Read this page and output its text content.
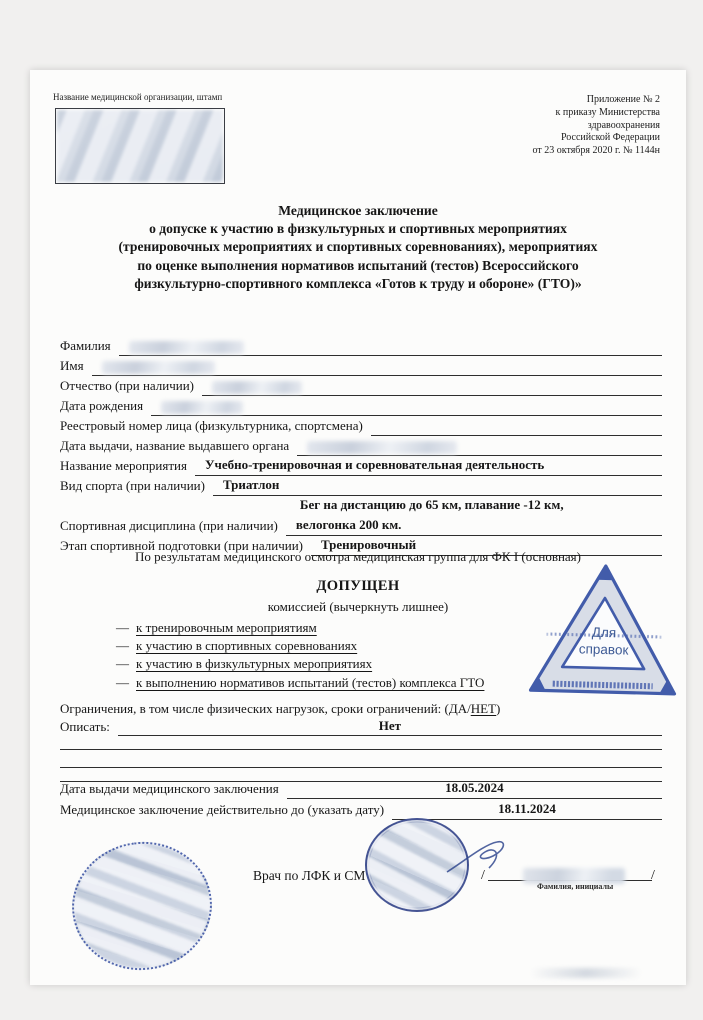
Название медицинской организации, штамп	Приложение № 2
к приказу Министерства
здравоохранения
Российской Федерации
от 23 октября 2020 г. № 1144н
Медицинское заключение
о допуске к участию в физкультурных и спортивных мероприятиях
(тренировочных мероприятиях и спортивных соревнованиях), мероприятиях
по оценке выполнения нормативов испытаний (тестов) Всероссийского
физкультурно-спортивного комплекса «Готов к труду и обороне» (ГТО)»
Фамилия
Имя
Отчество (при наличии)
Дата рождения
Реестровый номер лица (физкультурника, спортсмена)
Дата выдачи, название выдавшего органа
Название мероприятия	Учебно-тренировочная и соревновательная деятельность
Вид спорта (при наличии)	Триатлон
Спортивная дисциплина (при наличии)
Бег на дистанцию до 65 км, плавание -12 км,
велогонка 200 км.
Этап спортивной подготовки (при наличии)	Тренировочный
По результатам медицинского осмотра медицинская группа для ФК I (основная)
ДОПУЩЕН
комиссией (вычеркнуть лишнее)
— к тренировочным мероприятиям
— к участию в спортивных соревнованиях
— к участию в физкультурных мероприятиях
— к выполнению нормативов испытаний (тестов) комплекса ГТО
Для
справок
Ограничения, в том числе физических нагрузок, сроки ограничений: (ДА/НЕТ)
Описать:	Нет
Дата выдачи медицинского заключения	18.05.2024
Медицинское заключение действительно до (указать дату)	18.11.2024
Врач по ЛФК и СМ	/
Фамилия, инициалы
/
